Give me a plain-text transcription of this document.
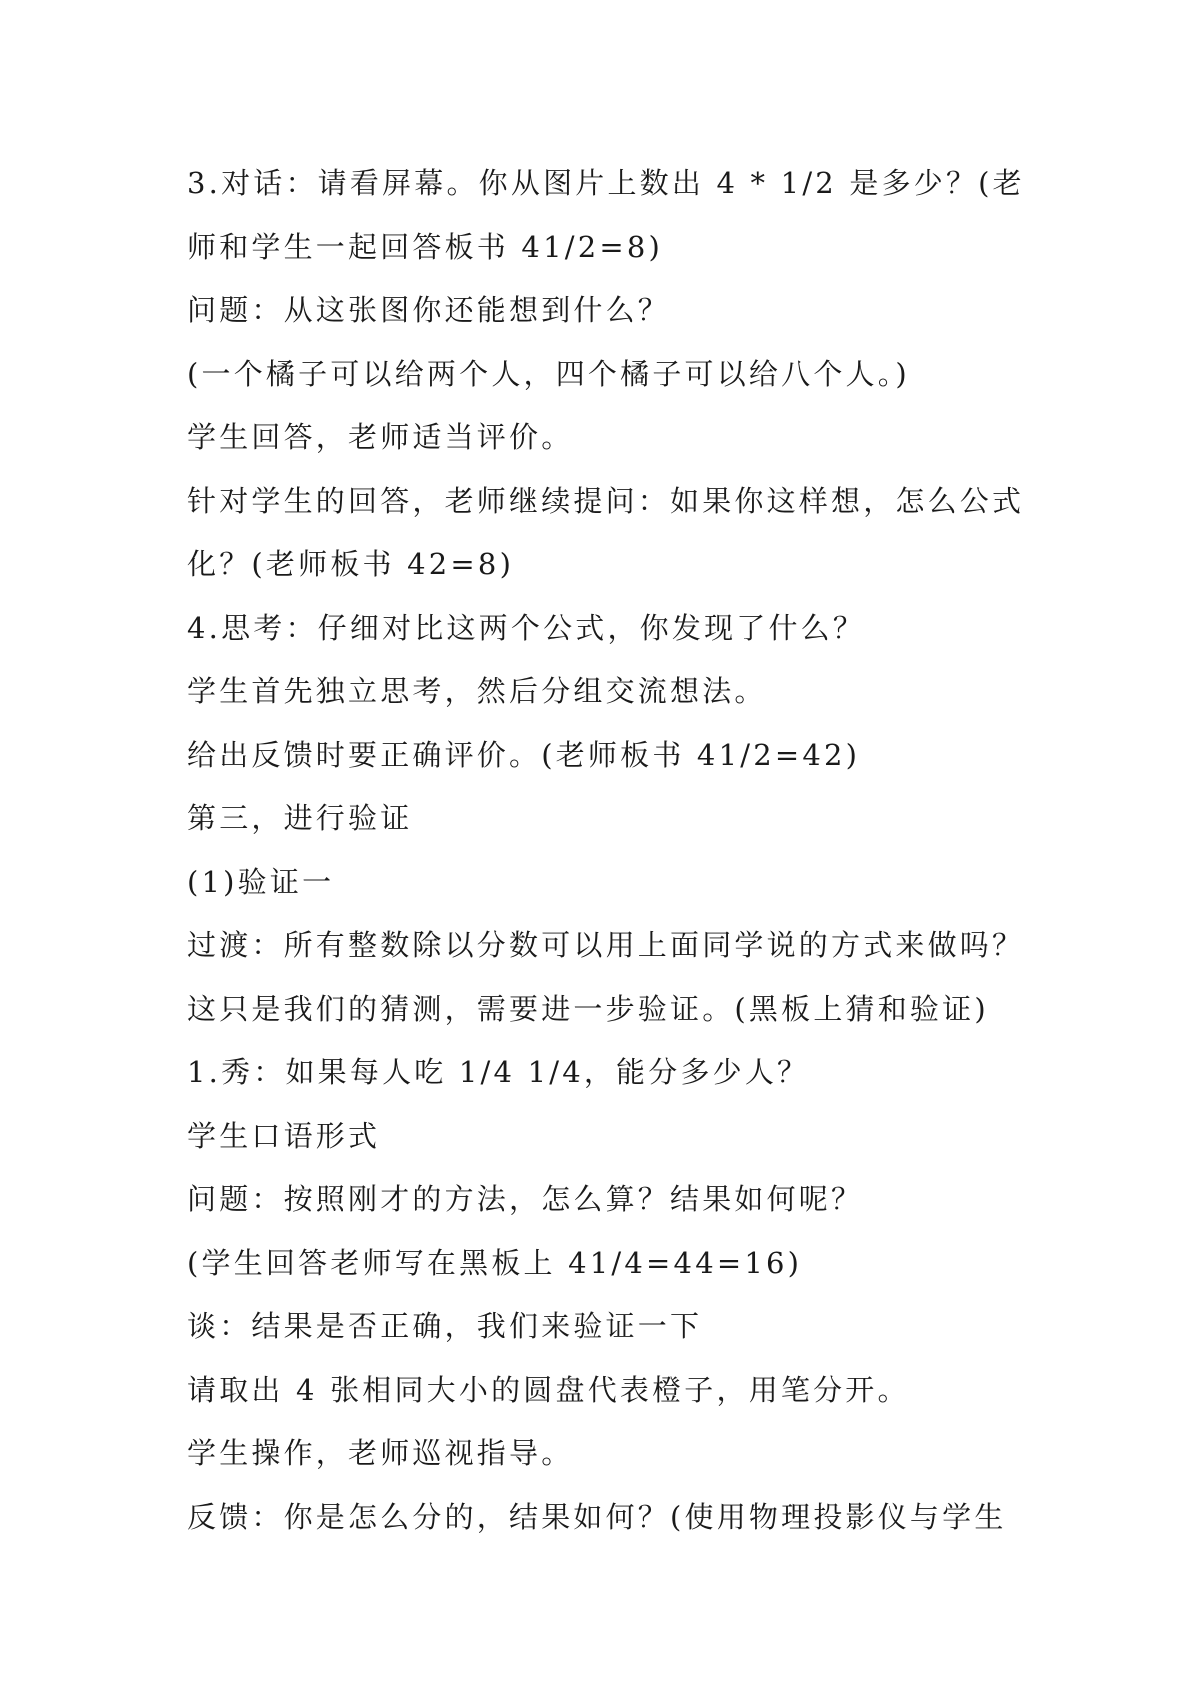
3.对话：请看屏幕。你从图片上数出 4 * 1/2 是多少？(老
师和学生一起回答板书 41/2=8)
问题：从这张图你还能想到什么？
(一个橘子可以给两个人，四个橘子可以给八个人。)
学生回答，老师适当评价。
针对学生的回答，老师继续提问：如果你这样想，怎么公式
化？(老师板书 42=8)
4.思考：仔细对比这两个公式，你发现了什么？
学生首先独立思考，然后分组交流想法。
给出反馈时要正确评价。(老师板书 41/2=42)
第三，进行验证
(1)验证一
过渡：所有整数除以分数可以用上面同学说的方式来做吗？
这只是我们的猜测，需要进一步验证。(黑板上猜和验证)
1.秀：如果每人吃 1/4 1/4，能分多少人？
学生口语形式
问题：按照刚才的方法，怎么算？结果如何呢？
(学生回答老师写在黑板上 41/4=44=16)
谈：结果是否正确，我们来验证一下
请取出 4 张相同大小的圆盘代表橙子，用笔分开。
学生操作，老师巡视指导。
反馈：你是怎么分的，结果如何？(使用物理投影仪与学生
